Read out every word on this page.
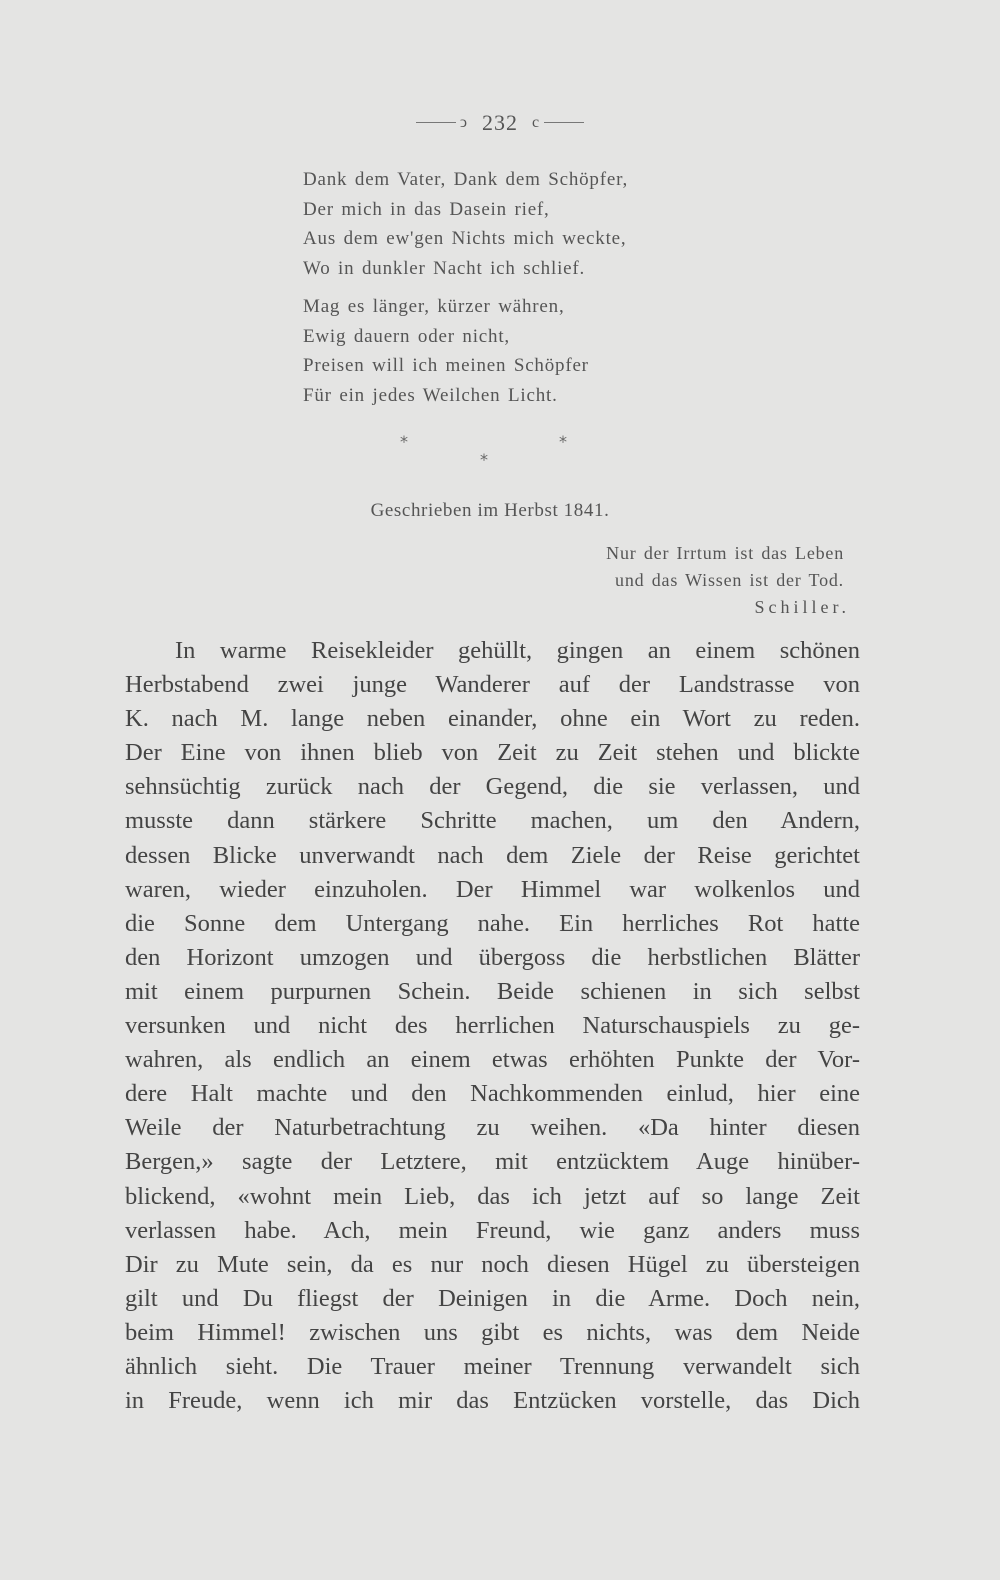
ↄ 232 c
Dank dem Vater, Dank dem Schöpfer,
Der mich in das Dasein rief,
Aus dem ew'gen Nichts mich weckte,
Wo in dunkler Nacht ich schlief.
Mag es länger, kürzer währen,
Ewig dauern oder nicht,
Preisen will ich meinen Schöpfer
Für ein jedes Weilchen Licht.
*	*
*
Geschrieben im Herbst 1841.
Nur der Irrtum ist das Leben
und das Wissen ist der Tod.
Schiller.
In warme Reisekleider gehüllt, gingen an einem schönen
Herbstabend zwei junge Wanderer auf der Landstrasse von
K. nach M. lange neben einander, ohne ein Wort zu reden.
Der Eine von ihnen blieb von Zeit zu Zeit stehen und blickte
sehnsüchtig zurück nach der Gegend, die sie verlassen, und
musste dann stärkere Schritte machen, um den Andern,
dessen Blicke unverwandt nach dem Ziele der Reise gerichtet
waren, wieder einzuholen. Der Himmel war wolkenlos und
die Sonne dem Untergang nahe. Ein herrliches Rot hatte
den Horizont umzogen und übergoss die herbstlichen Blätter
mit einem purpurnen Schein. Beide schienen in sich selbst
versunken und nicht des herrlichen Naturschauspiels zu ge-
wahren, als endlich an einem etwas erhöhten Punkte der Vor-
dere Halt machte und den Nachkommenden einlud, hier eine
Weile der Naturbetrachtung zu weihen. «Da hinter diesen
Bergen,» sagte der Letztere, mit entzücktem Auge hinüber-
blickend, «wohnt mein Lieb, das ich jetzt auf so lange Zeit
verlassen habe. Ach, mein Freund, wie ganz anders muss
Dir zu Mute sein, da es nur noch diesen Hügel zu übersteigen
gilt und Du fliegst der Deinigen in die Arme. Doch nein,
beim Himmel! zwischen uns gibt es nichts, was dem Neide
ähnlich sieht. Die Trauer meiner Trennung verwandelt sich
in Freude, wenn ich mir das Entzücken vorstelle, das Dich
